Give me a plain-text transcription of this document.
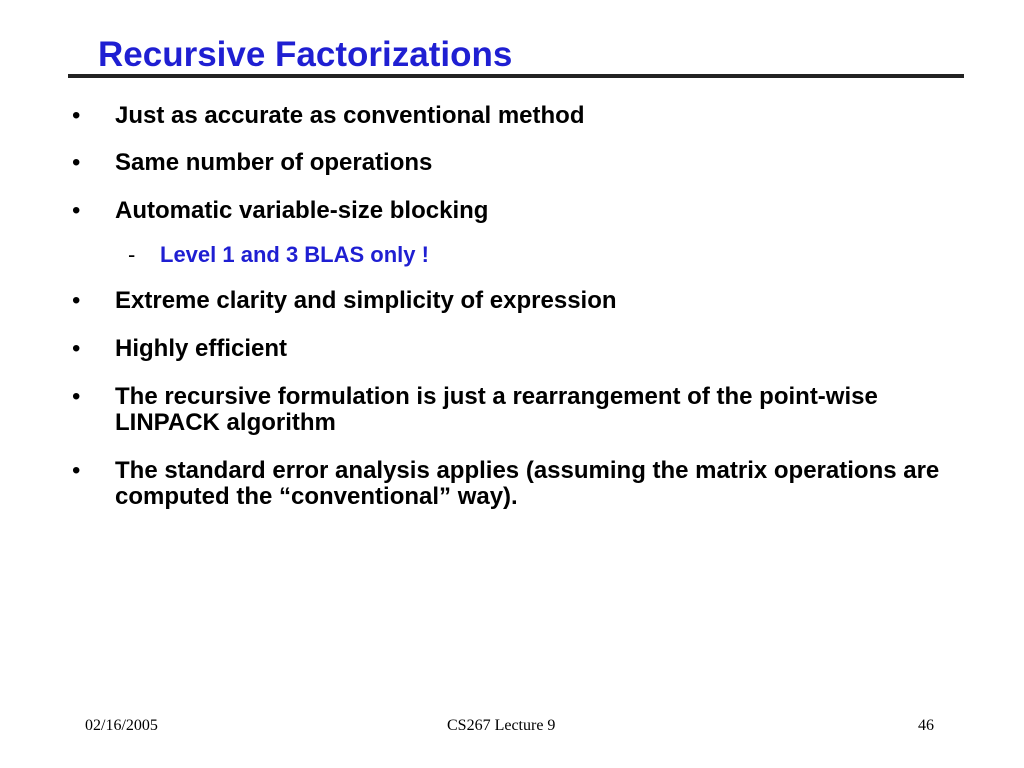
Recursive Factorizations
• Just as accurate as conventional method
• Same number of operations
• Automatic variable-size blocking
- Level 1 and 3 BLAS only !
• Extreme clarity and simplicity of expression
• Highly efficient
• The recursive formulation is just a rearrangement of the point-wise LINPACK algorithm
• The standard error analysis applies (assuming the matrix operations are computed the “conventional” way).
02/16/2005	CS267 Lecture 9	46
